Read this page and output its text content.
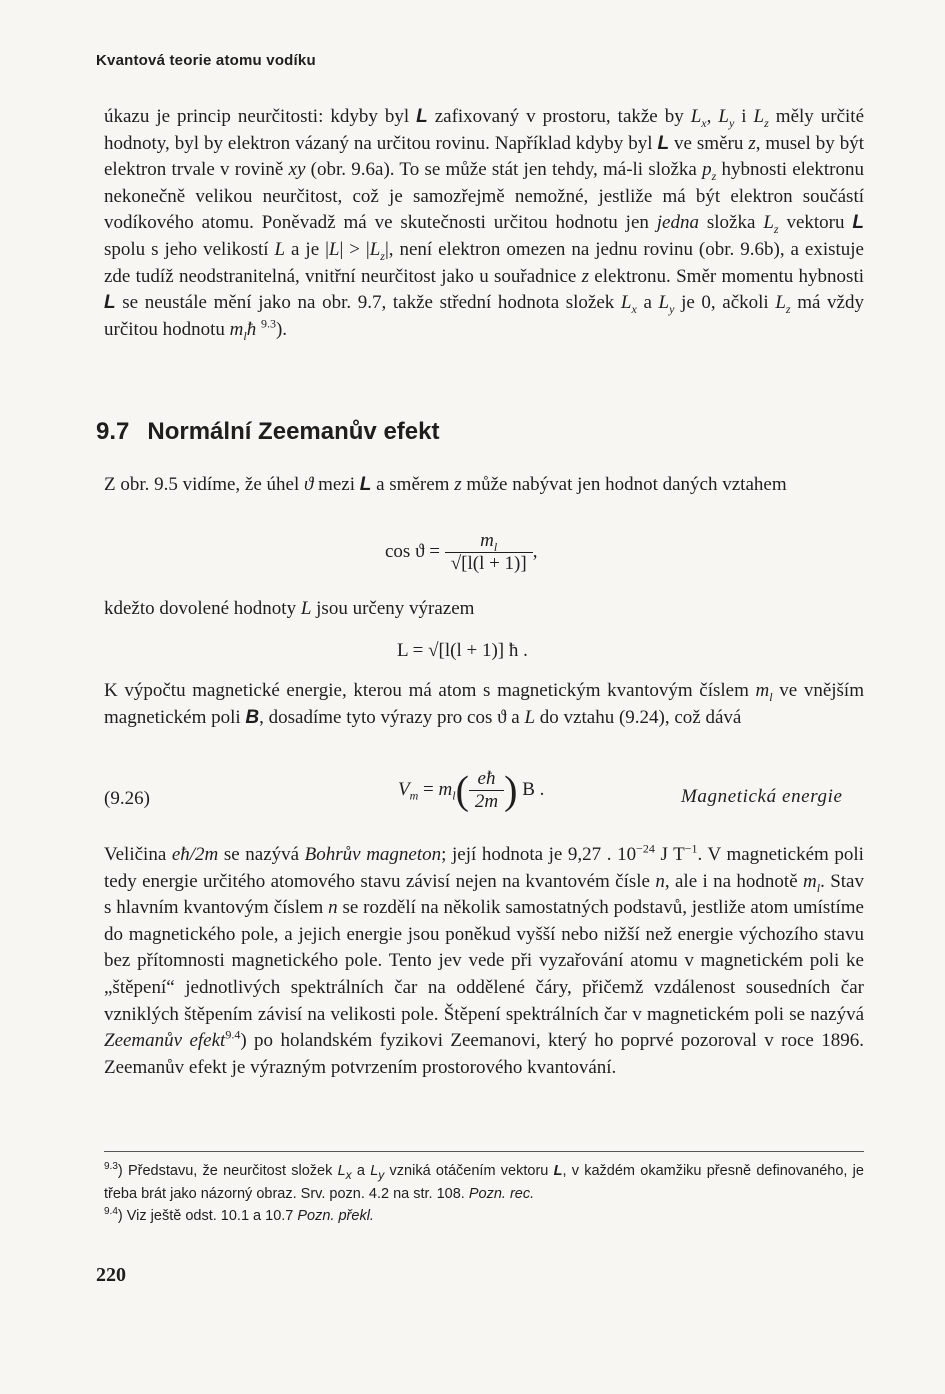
Kvantová teorie atomu vodíku

úkazu je princip neurčitosti: kdyby byl L zafixovaný v prostoru, takže by $L_x$, $L_y$ i $L_z$ měly určité hodnoty, byl by elektron vázaný na určitou rovinu. Například kdyby byl L ve směru z, musel by být elektron trvale v rovině xy (obr. 9.6a). To se může stát jen tehdy, má-li složka $p_z$ hybnosti elektronu nekonečně velikou neurčitost, což je samozřejmě nemožné, jestliže má být elektron součástí vodíkového atomu. Poněvadž má ve skutečnosti určitou hodnotu jen jedna složka $L_z$ vektoru L spolu s jeho velikostí L a je $|L| > |L_z|$, není elektron omezen na jednu rovinu (obr. 9.6b), a existuje zde tudíž neodstranitelná, vnitřní neurčitost jako u souřadnice z elektronu. Směr momentu hybnosti L se neustále mění jako na obr. 9.7, takže střední hodnota složek $L_x$ a $L_y$ je 0, ačkoli $L_z$ má vždy určitou hodnotu $m_lħ$ $^{9.3}$).

9.7 Normální Zeemanův efekt

Z obr. 9.5 vidíme, že úhel ϑ mezi L a směrem z může nabývat jen hodnot daných vztahem

$\cos ϑ = \frac{m_l}{√[l(l + 1)]}$ ,

kdežto dovolené hodnoty L jsou určeny výrazem

L = √[l(l + 1)] ħ .

K výpočtu magnetické energie, kterou má atom s magnetickým kvantovým číslem $m_l$ ve vnějším magnetickém poli B, dosadíme tyto výrazy pro cos ϑ a L do vztahu (9.24), což dává

(9.26)	$V_m = m_l( \frac{eħ}{2m}$ ) B .	Magnetická energie

Veličina eħ/2m se nazývá Bohrův magneton; její hodnota je 9,27 . $10^{-24}$ J $T^{-1}$. V magnetickém poli tedy energie určitého atomového stavu závisí nejen na kvantovém čísle n, ale i na hodnotě $m_l$. Stav s hlavním kvantovým číslem n se rozdělí na několik samostatných podstavů, jestliže atom umístíme do magnetického pole, a jejich energie jsou poněkud vyšší nebo nižší než energie výchozího stavu bez přítomnosti magnetického pole. Tento jev vede při vyzařování atomu v magnetickém poli ke „štěpení“ jednotlivých spektrálních čar na oddělené čáry, přičemž vzdálenost sousedních čar vzniklých štěpením závisí na velikosti pole. Štěpení spektrálních čar v magnetickém poli se nazývá Zeemanův efekt$^{9.4}$) po holandském fyzikovi Zeemanovi, který ho poprvé pozoroval v roce 1896. Zeemanův efekt je výrazným potvrzením prostorového kvantování.

$^{9.3}$) Představu, že neurčitost složek $L_x$ a $L_y$ vzniká otáčením vektoru L, v každém okamžiku přesně definovaného, je třeba brát jako názorný obraz. Srv. pozn. 4.2 na str. 108. Pozn. rec.

$^{9.4}$) Viz ještě odst. 10.1 a 10.7 Pozn. překl.

220
